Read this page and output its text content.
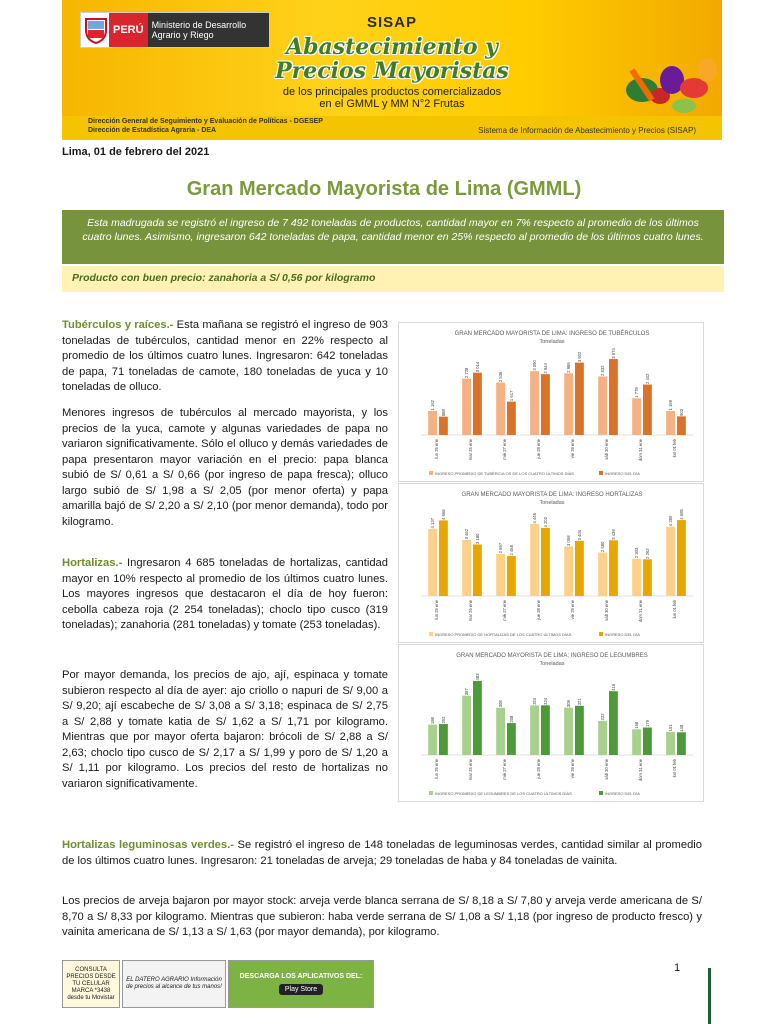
PERÚ Ministerio de Desarrollo Agrario y Riego
SISAP
Abastecimiento y
Precios Mayoristas
de los principales productos comercializados
en el GMML y MM N°2 Frutas
Dirección General de Seguimiento y Evaluación de Políticas - DGESEP
Dirección de Estadística Agraria - DEA	Sistema de Información de Abastecimiento y Precios (SISAP)
Lima, 01 de febrero del 2021
Gran Mercado Mayorista de Lima (GMML)
Esta madrugada se registró el ingreso de 7 492 toneladas de productos, cantidad mayor en 7% respecto al promedio de los últimos cuatro lunes. Asimismo, ingresaron 642 toneladas de papa, cantidad menor en 25% respecto al promedio de los últimos cuatro lunes.
Producto con buen precio: zanahoria a S/ 0,56 por kilogramo
Tubérculos y raíces.- Esta mañana se registró el ingreso de 903 toneladas de tubérculos, cantidad menor en 22% respecto al promedio de los últimos cuatro lunes. Ingresaron: 642 toneladas de papa, 71 toneladas de camote, 180 toneladas de yuca y 10 toneladas de olluco.
Menores ingresos de tubérculos al mercado mayorista, y los precios de la yuca, camote y algunas variedades de papa no variaron significativamente. Sólo el olluco y demás variedades de papa presentaron mayor variación en el precio: papa blanca subió de S/ 0,61 a S/ 0,66 (por ingreso de papa fresca); olluco largo subió de S/ 1,98 a S/ 2,05 (por menor oferta) y papa amarilla bajó de S/ 2,20 a S/ 2,10 (por menor demanda), todo por kilogramo.
Hortalizas.- Ingresaron 4 685 toneladas de hortalizas, cantidad mayor en 10% respecto al promedio de los últimos cuatro lunes. Los mayores ingresos que destacaron el día de hoy fueron: cebolla cabeza roja (2 254 toneladas); choclo tipo cusco (319 toneladas); zanahoria (281 toneladas) y tomate (253 toneladas).
Por mayor demanda, los precios de ajo, ají, espinaca y tomate subieron respecto al día de ayer: ajo criollo o napuri de S/ 9,00 a S/ 9,20; ají escabeche de S/ 3,08 a S/ 3,18; espinaca de S/ 2,75 a S/ 2,88 y tomate katia de S/ 1,62 a S/ 1,71 por kilogramo. Mientras que por mayor oferta bajaron: brócoli de S/ 2,88 a S/ 2,63; choclo tipo cusco de S/ 2,17 a S/ 1,99 y poro de S/ 1,20 a S/ 1,11 por kilogramo. Los precios del resto de hortalizas no variaron significativamente.
GRAN MERCADO MAYORISTA DE LIMA: INGRESO DE TUBÉRCULOS
Toneladas
1 162
888
lun 25 ene
2 728
3 014
mar 26 ene
2 536
1 617
mié 27 ene
3 090 2 944
jue 28 ene
2 986
3 502
vie 29 ene
2 832
3 674
sáb 30 ene
1 779
2 442
dom 31 ene
1 159
903
lun 01 feb
INGRESO PROMEDIO DE TUBÉRCULOS DE LOS CUATRO ÚLTIMOS DÍAS	INGRESO DEL DÍA
GRAN MERCADO MAYORISTA DE LIMA: INGRESO HORTALIZAS
Toneladas
4 137
4 668
lun 25 ene
3 462 3 180
mar 26 ene
2 597 2 468
mié 27 ene
4 446 4 202
jue 28 ene
3 058
3 404
vie 29 ene
2 680
3 439
sáb 30 ene
2 303 2 262
dom 31 ene
4 280
4 685
lun 01 feb
INGRESO PROMEDIO DE HORTALIZAS DE LOS CUATRO ÚLTIMOS DÍAS	INGRESO DEL DÍA
GRAN MERCADO MAYORISTA DE LIMA; INGRESO DE LEGUMBRES
Toneladas
198 202
lun 25 ene
387
483
mar 26 ene
308
208
mié 27 ene
324 324
jue 28 ene
309 321
vie 29 ene
222
416
sáb 30 ene
168 179
dom 31 ene
151 148
lun 01 feb
INGRESO PROMEDIO DE LEGUMBRES DE LOS CUATRO ÚLTIMOS DÍAS	INGRESO DEL DÍA
Hortalizas leguminosas verdes.- Se registró el ingreso de 148 toneladas de leguminosas verdes, cantidad similar al promedio de los últimos cuatro lunes. Ingresaron: 21 toneladas de arveja; 29 toneladas de haba y 84 toneladas de vainita.
Los precios de arveja bajaron por mayor stock: arveja verde blanca serrana de S/ 8,18 a S/ 7,80 y arveja verde americana de S/ 8,70 a S/ 8,33 por kilogramo. Mientras que subieron: haba verde serrana de S/ 1,08 a S/ 1,18 (por ingreso de producto fresco) y vainita americana de S/ 1,13 a S/ 1,63 (por mayor demanda), por kilogramo.
CONSULTA PRECIOS DESDE TU CELULAR MARCA *3438 desde tu Movistar
EL DATERO AGRARIO Información de precios al alcance de tus manos!
DESCARGA LOS APLICATIVOS DEL:
Play Store
1
